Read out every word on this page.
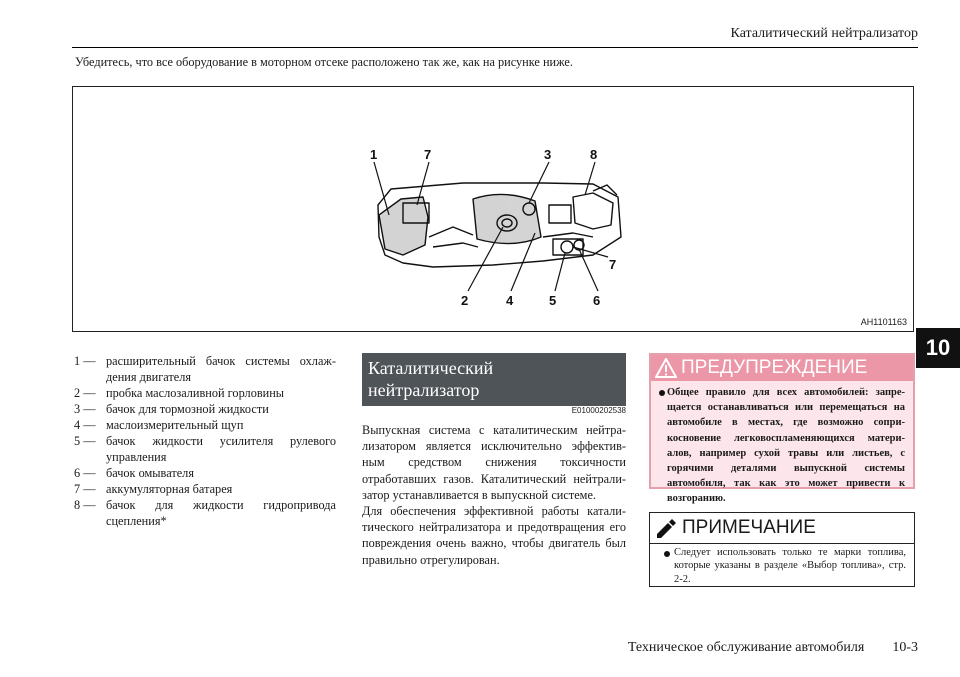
Каталитический нейтрализатор
Убедитесь, что все оборудование в моторном отсеке расположено так же, как на рисунке ниже.
1	7	3	8
7
2	4	5	6
AH1101163
10
1 — расширительный бачок системы охлаж-дения двигателя
2 — пробка маслозаливной горловины
3 — бачок для тормозной жидкости
4 — маслоизмерительный щуп
5 — бачок жидкости усилителя рулевого управления
6 — бачок омывателя
7 — аккумуляторная батарея
8 — бачок для жидкости гидропривода сцепления*
Каталитический
нейтрализатор
E01000202538

Выпускная система с каталитическим нейтра-лизатором является исключительно эффектив-ным средством снижения токсичности отработавших газов. Каталитический нейтрали-затор устанавливается в выпускной системе.

Для обеспечения эффективной работы катали-тического нейтрализатора и предотвращения его повреждения очень важно, чтобы двигатель был правильно отрегулирован.

ПРЕДУПРЕЖДЕНИЕ
Общее правило для всех автомобилей: запре-щается останавливаться или перемещаться на автомобиле в местах, где возможно сопри-косновение легковоспламеняющихся матери-алов, например сухой травы или листьев, с горячими деталями выпускной системы автомобиля, так как это может привести к возгоранию.
ПРИМЕЧАНИЕ
Следует использовать только те марки топлива, которые указаны в разделе «Выбор топлива», стр. 2-2.
Техническое обслуживание автомобиля 10-3
